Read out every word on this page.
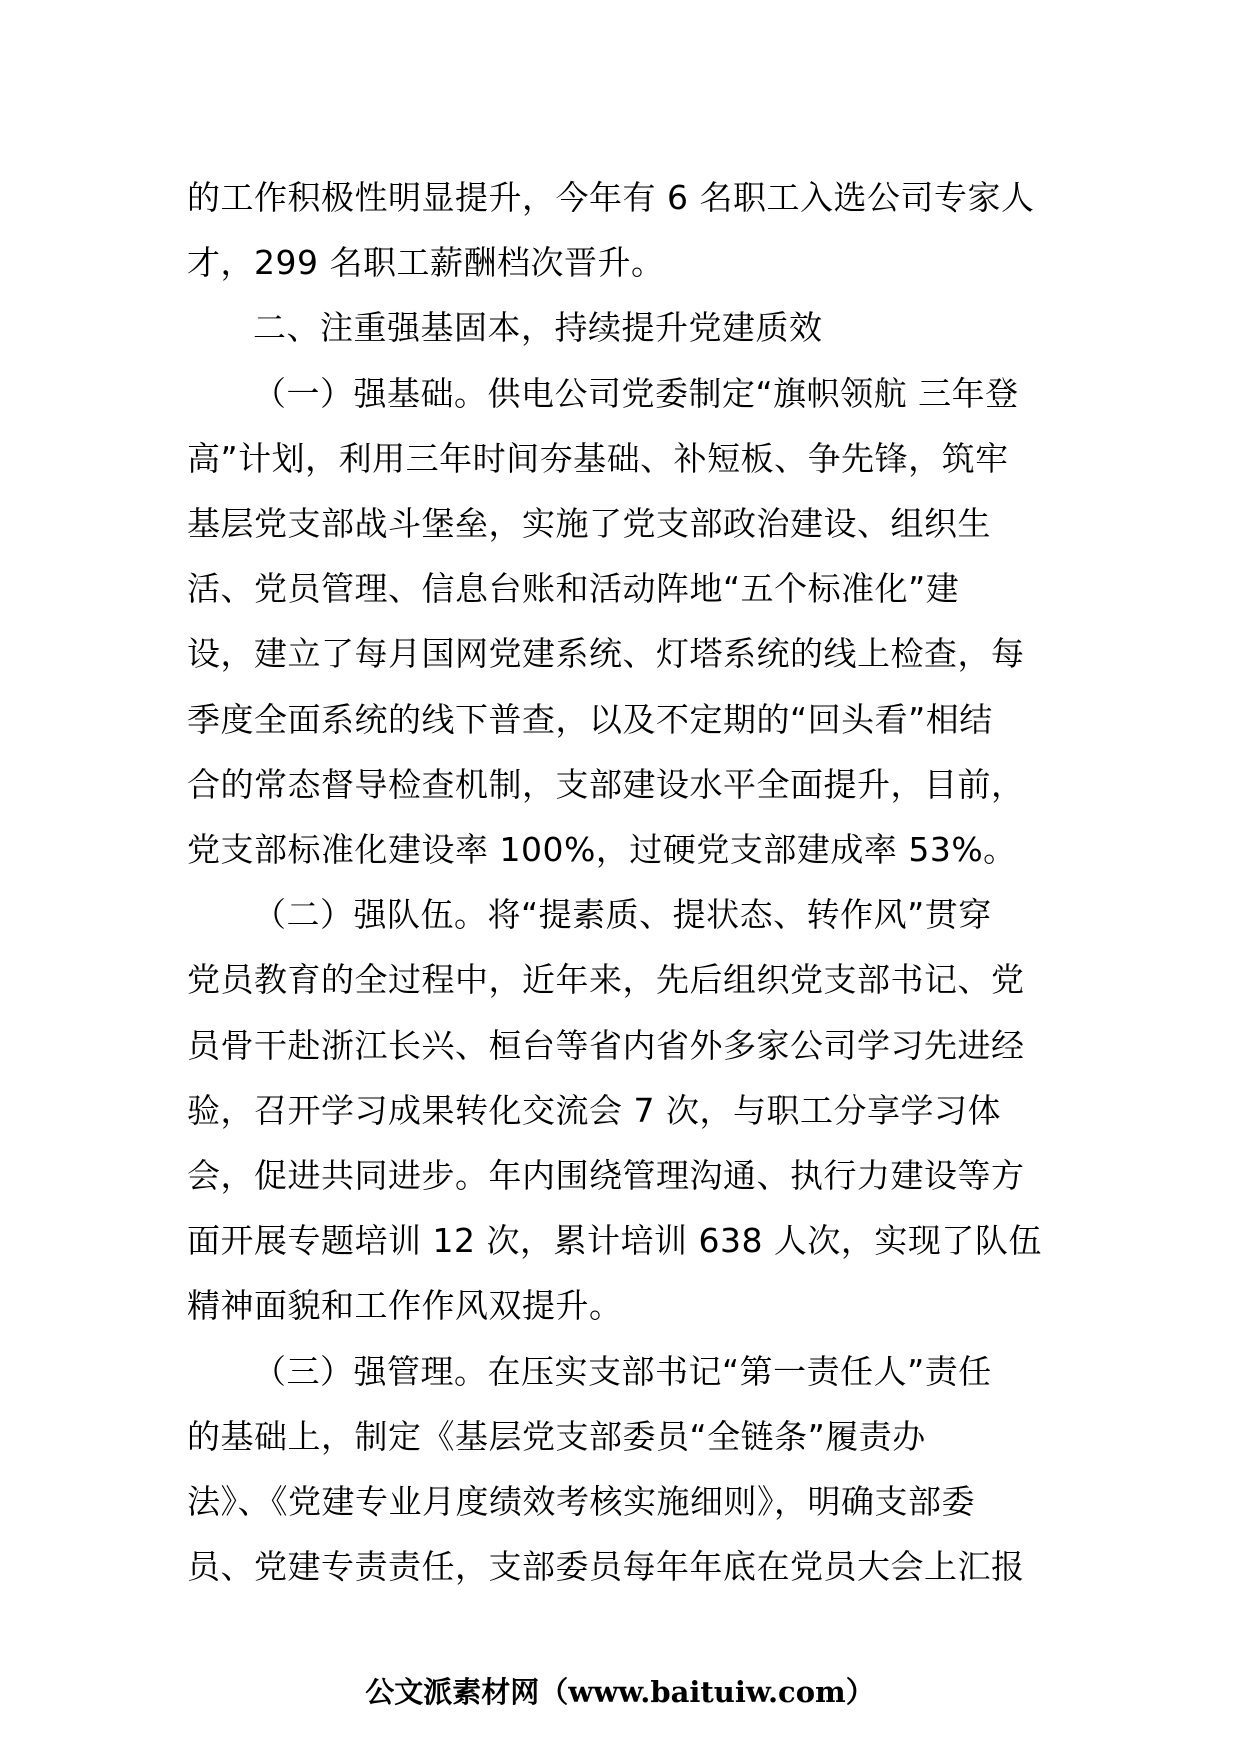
的工作积极性明显提升，今年有 6 名职工入选公司专家人
才，299 名职工薪酬档次晋升。
二、注重强基固本，持续提升党建质效
（一）强基础。供电公司党委制定“旗帜领航 三年登
高”计划，利用三年时间夯基础、补短板、争先锋，筑牢
基层党支部战斗堡垒，实施了党支部政治建设、组织生
活、党员管理、信息台账和活动阵地“五个标准化”建
设，建立了每月国网党建系统、灯塔系统的线上检查，每
季度全面系统的线下普查，以及不定期的“回头看”相结
合的常态督导检查机制，支部建设水平全面提升，目前，
党支部标准化建设率 100%，过硬党支部建成率 53%。
（二）强队伍。将“提素质、提状态、转作风”贯穿
党员教育的全过程中，近年来，先后组织党支部书记、党
员骨干赴浙江长兴、桓台等省内省外多家公司学习先进经
验，召开学习成果转化交流会 7 次，与职工分享学习体
会，促进共同进步。年内围绕管理沟通、执行力建设等方
面开展专题培训 12 次，累计培训 638 人次，实现了队伍
精神面貌和工作作风双提升。
（三）强管理。在压实支部书记“第一责任人”责任
的基础上，制定《基层党支部委员“全链条”履责办
法》、《党建专业月度绩效考核实施细则》，明确支部委
员、党建专责责任，支部委员每年年底在党员大会上汇报
公文派素材网（www.baituiw.com）
